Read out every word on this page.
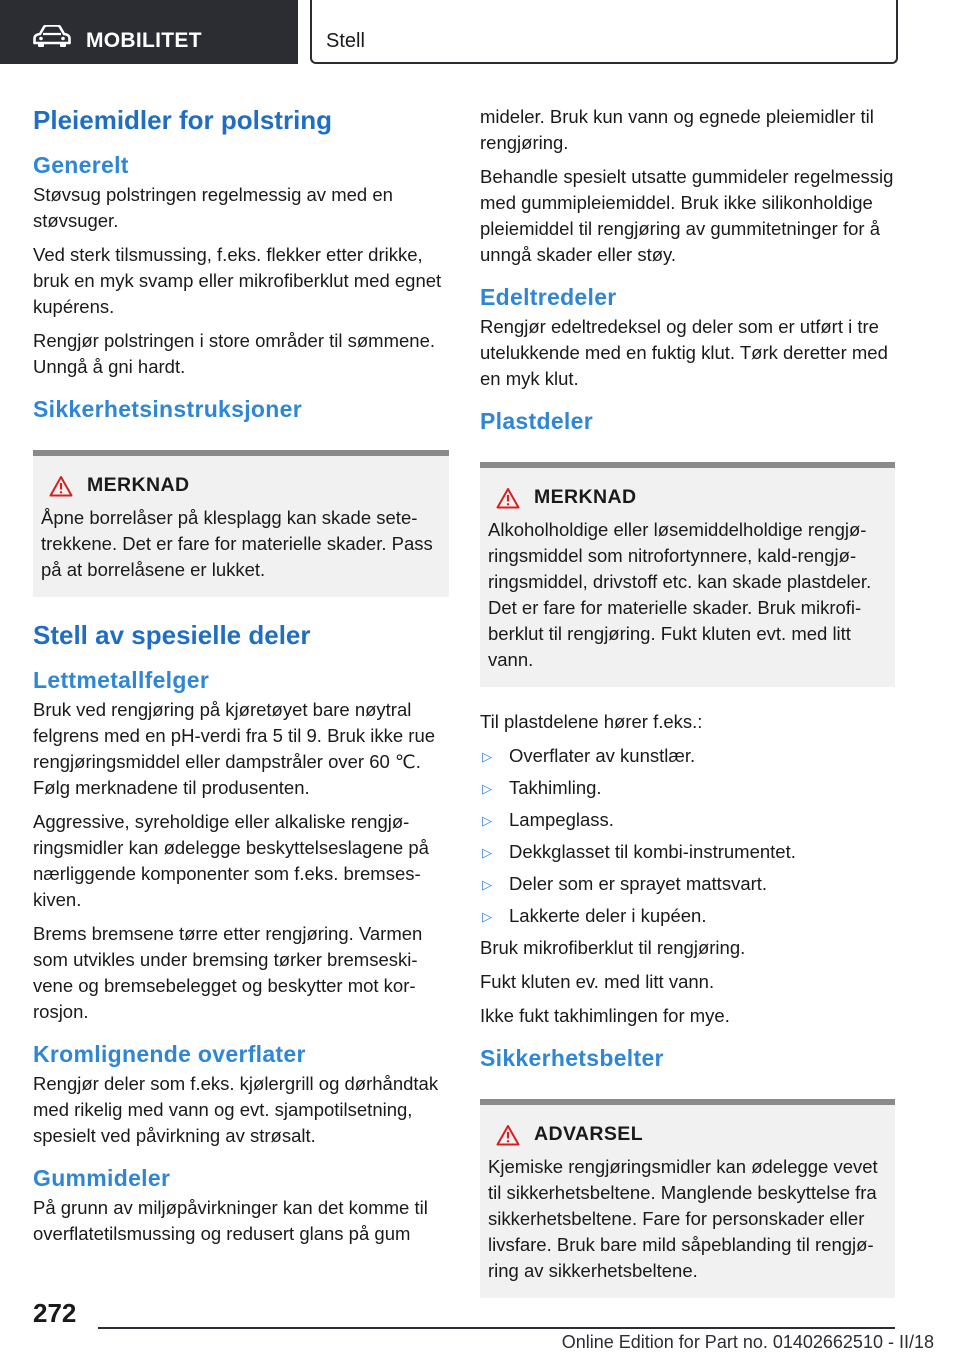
MOBILITET	Stell
Pleiemidler for polstring
Generelt

Støvsug polstringen regelmessig av med en støvsuger.

Ved sterk tilsmussing, f.eks. flekker etter drikke, bruk en myk svamp eller mikrofiberklut med egnet kupérens.

Rengjør polstringen i store områder til sømmene. Unngå å gni hardt.

Sikkerhetsinstruksjoner
MERKNAD

Åpne borrelåser på klesplagg kan skade setetrekkene. Det er fare for materielle skader. Pass på at borrelåsene er lukket.

Stell av spesielle deler
Lettmetallfelger

Bruk ved rengjøring på kjøretøyet bare nøytral felgrens med en pH-verdi fra 5 til 9. Bruk ikke rue rengjøringsmiddel eller dampstråler over 60 ℃. Følg merknadene til produsenten.

Aggressive, syreholdige eller alkaliske rengjøringsmidler kan ødelegge beskyttelseslagene på nærliggende komponenter som f.eks. bremseskiven.

Brems bremsene tørre etter rengjøring. Varmen som utvikles under bremsing tørker bremseskivene og bremsebelegget og beskytter mot korrosjon.

Kromlignende overflater

Rengjør deler som f.eks. kjølergrill og dørhåndtak med rikelig med vann og evt. sjampotilsetning, spesielt ved påvirkning av strøsalt.

Gummideler

På grunn av miljøpåvirkninger kan det komme til overflatetilsmussing og redusert glans på gum

mideler. Bruk kun vann og egnede pleiemidler til rengjøring.

Behandle spesielt utsatte gummideler regelmessig med gummipleiemiddel. Bruk ikke silikonholdige pleiemiddel til rengjøring av gummitetninger for å unngå skader eller støy.

Edeltredeler

Rengjør edeltredeksel og deler som er utført i tre utelukkende med en fuktig klut. Tørk deretter med en myk klut.

Plastdeler
MERKNAD

Alkoholholdige eller løsemiddelholdige rengjøringsmiddel som nitrofortynnere, kald-rengjøringsmiddel, drivstoff etc. kan skade plastdeler. Det er fare for materielle skader. Bruk mikrofiberklut til rengjøring. Fukt kluten evt. med litt vann.

Til plastdelene hører f.eks.:

▷ Overflater av kunstlær.
▷ Takhimling.
▷ Lampeglass.
▷ Dekkglasset til kombi-instrumentet.
▷ Deler som er sprayet mattsvart.
▷ Lakkerte deler i kupéen.

Bruk mikrofiberklut til rengjøring.

Fukt kluten ev. med litt vann.

Ikke fukt takhimlingen for mye.

Sikkerhetsbelter
ADVARSEL

Kjemiske rengjøringsmidler kan ødelegge vevet til sikkerhetsbeltene. Manglende beskyttelse fra sikkerhetsbeltene. Fare for personskader eller livsfare. Bruk bare mild såpeblanding til rengjøring av sikkerhetsbeltene.

272
Online Edition for Part no. 01402662510 - II/18
